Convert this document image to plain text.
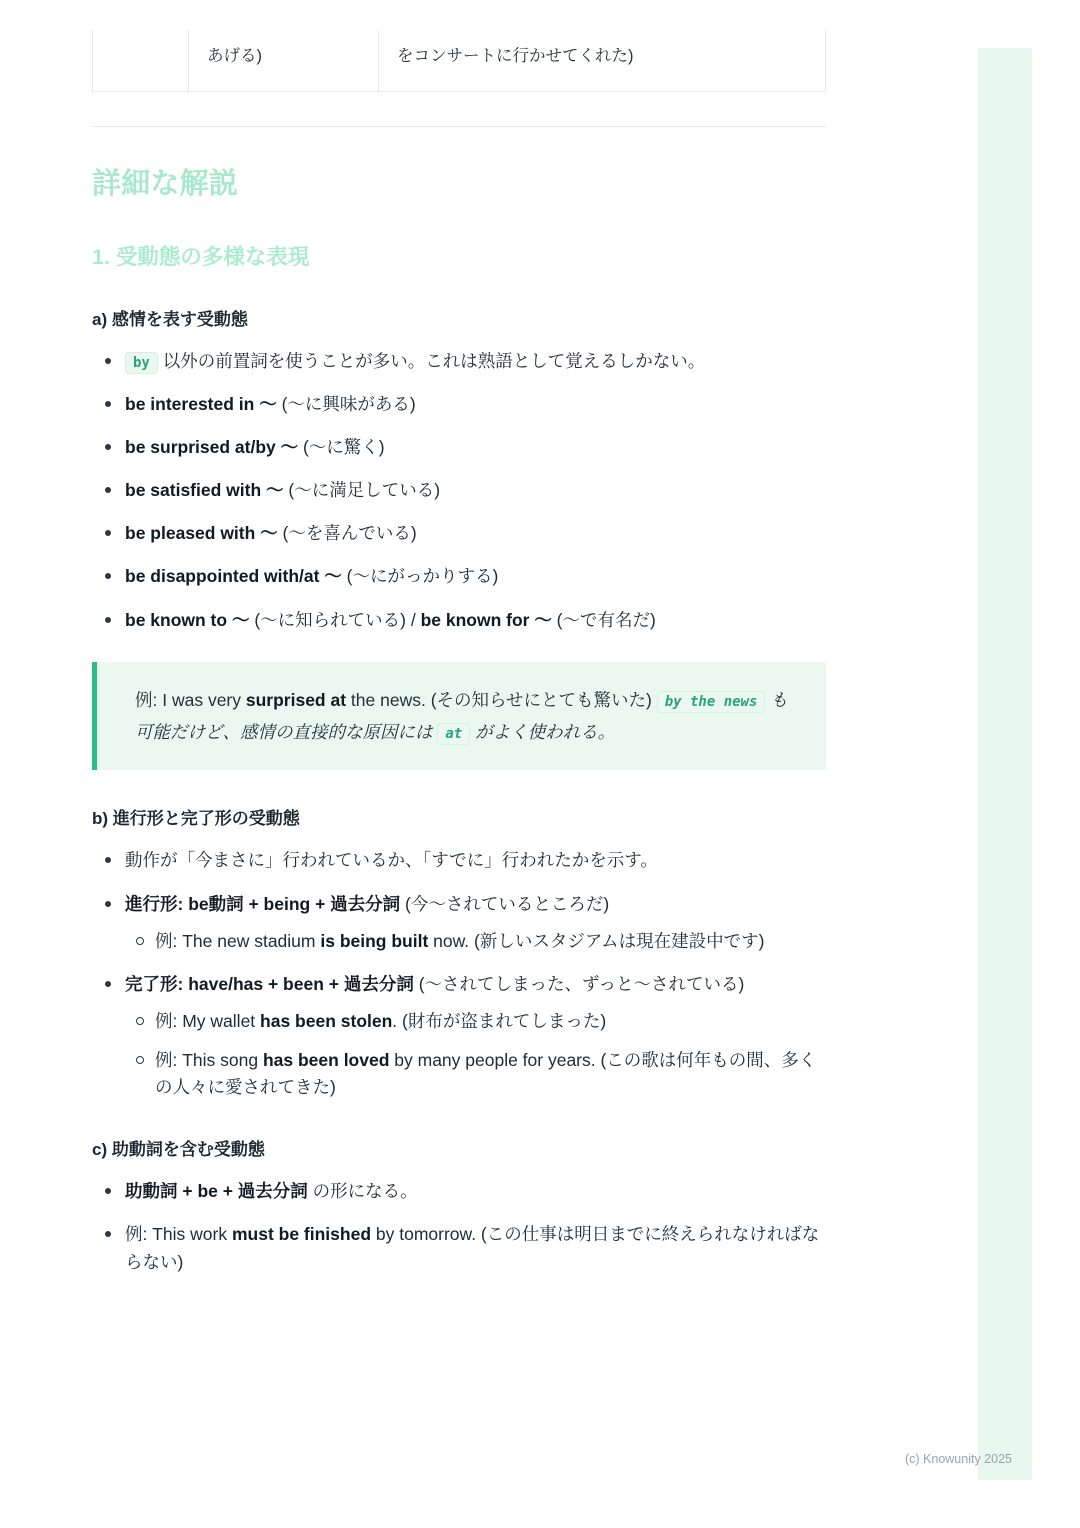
あげる)	をコンサートに行かせてくれた)
詳細な解説
1. 受動態の多様な表現
a) 感情を表す受動態
by 以外の前置詞を使うことが多い。これは熟語として覚えるしかない。
be interested in 〜 (〜に興味がある)
be surprised at/by 〜 (〜に驚く)
be satisfied with 〜 (〜に満足している)
be pleased with 〜 (〜を喜んでいる)
be disappointed with/at 〜 (〜にがっかりする)
be known to 〜 (〜に知られている) / be known for 〜 (〜で有名だ)
例: I was very surprised at the news. (その知らせにとても驚いた) by the news も可能だけど、感情の直接的な原因には at がよく使われる。
b) 進行形と完了形の受動態
動作が「今まさに」行われているか、「すでに」行われたかを示す。
進行形: be動詞 + being + 過去分詞 (今〜されているところだ)
例: The new stadium is being built now. (新しいスタジアムは現在建設中です)
完了形: have/has + been + 過去分詞 (〜されてしまった、ずっと〜されている)
例: My wallet has been stolen. (財布が盗まれてしまった)
例: This song has been loved by many people for years. (この歌は何年もの間、多くの人々に愛されてきた)
c) 助動詞を含む受動態
助動詞 + be + 過去分詞 の形になる。
例: This work must be finished by tomorrow. (この仕事は明日までに終えられなければならない)
(c) Knowunity 2025
